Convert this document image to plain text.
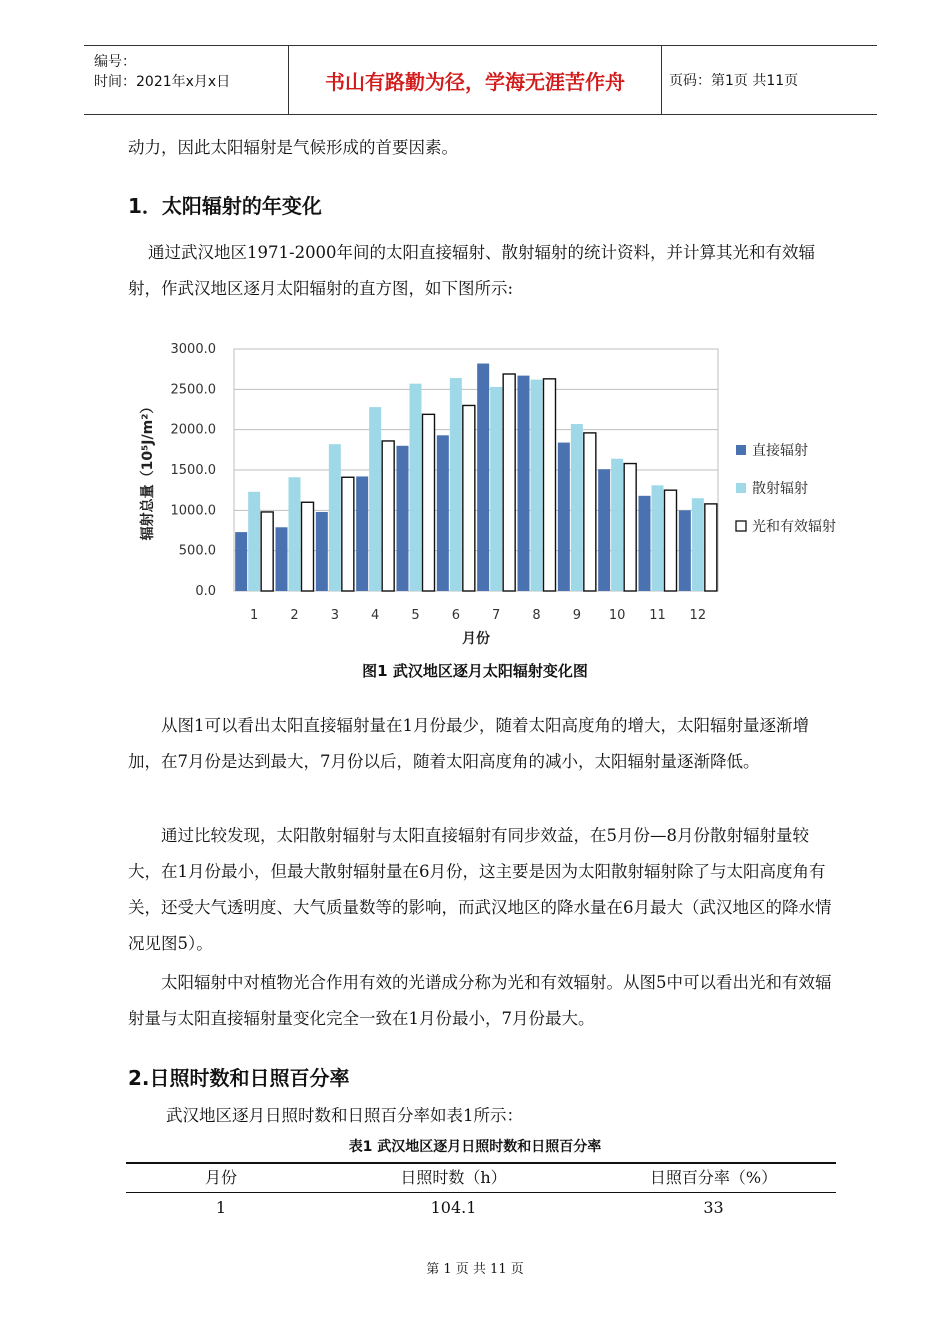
编号：
时间：2021年x月x日	书山有路勤为径，学海无涯苦作舟	页码：第1页 共11页

动力，因此太阳辐射是气候形成的首要因素。

1．太阳辐射的年变化

通过武汉地区1971-2000年间的太阳直接辐射、散射辐射的统计资料，并计算其光和有效辐射，作武汉地区逐月太阳辐射的直方图，如下图所示:

0.0
500.0
1000.0
1500.0
2000.0
2500.0
3000.0
1 2 3 4 5 6 7 8 9 10 11 12
月份
辐射总量（10⁵J/m²）	直接辐射
散射辐射
光和有效辐射
图1 武汉地区逐月太阳辐射变化图

从图1可以看出太阳直接辐射量在1月份最少，随着太阳高度角的增大，太阳辐射量逐渐增加，在7月份是达到最大，7月份以后，随着太阳高度角的减小，太阳辐射量逐渐降低。

通过比较发现，太阳散射辐射与太阳直接辐射有同步效益，在5月份—8月份散射辐射量较大，在1月份最小，但最大散射辐射量在6月份，这主要是因为太阳散射辐射除了与太阳高度角有关，还受大气透明度、大气质量数等的影响，而武汉地区的降水量在6月最大（武汉地区的降水情况见图5）。

太阳辐射中对植物光合作用有效的光谱成分称为光和有效辐射。从图5中可以看出光和有效辐射量与太阳直接辐射量变化完全一致在1月份最小，7月份最大。

2.日照时数和日照百分率

武汉地区逐月日照时数和日照百分率如表1所示：

表1 武汉地区逐月日照时数和日照百分率
月份	日照时数（h）	日照百分率（%）
1	104.1	33
第 1 页 共 11 页
